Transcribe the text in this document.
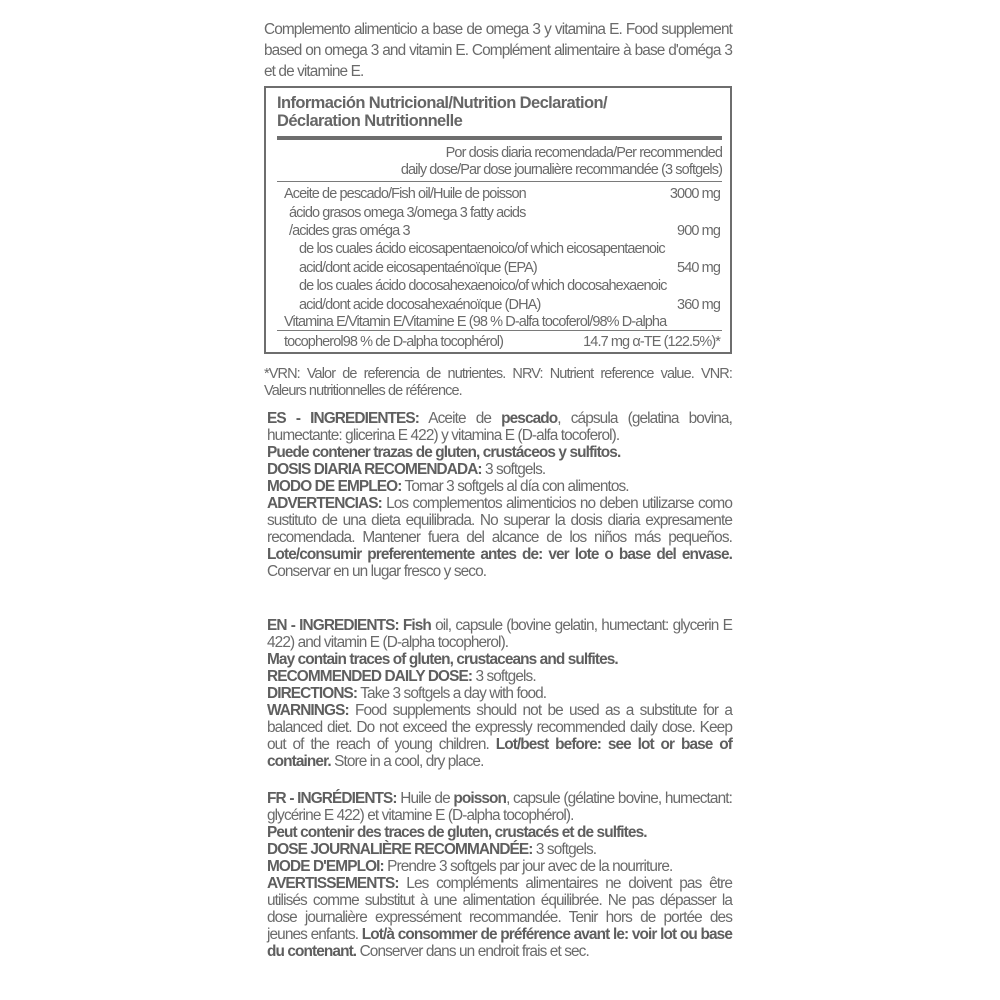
Complemento alimenticio a base de omega 3 y vitamina E. Food supplement based on omega 3 and vitamin E. Complément alimentaire à base d'oméga 3 et de vitamine E.
Información Nutricional/Nutrition Declaration/
Déclaration Nutritionnelle
Por dosis diaria recomendada/Per recommended
daily dose/Par dose journalière recommandée (3 softgels)
Aceite de pescado/Fish oil/Huile de poisson	3000 mg
ácido grasos omega 3/omega 3 fatty acids
/acides gras oméga 3	900 mg
de los cuales ácido eicosapentaenoico/of which eicosapentaenoic
acid/dont acide eicosapentaénoïque (EPA)	540 mg
de los cuales ácido docosahexaenoico/of which docosahexaenoic
acid/dont acide docosahexaénoïque (DHA)	360 mg
Vitamina E/Vitamin E/Vitamine E (98 % D-alfa tocoferol/98% D-alpha
tocopherol98 % de D-alpha tocophérol)	14.7 mg α-TE (122.5%)*
*VRN: Valor de referencia de nutrientes. NRV: Nutrient reference value. VNR: Valeurs nutritionnelles de référence.

ES - INGREDIENTES: Aceite de pescado, cápsula (gelatina bovina, humectante: glicerina E 422) y vitamina E (D-alfa tocoferol).

Puede contener trazas de gluten, crustáceos y sulfitos.

DOSIS DIARIA RECOMENDADA: 3 softgels.

MODO DE EMPLEO: Tomar 3 softgels al día con alimentos.

ADVERTENCIAS: Los complementos alimenticios no deben utilizarse como sustituto de una dieta equilibrada. No superar la dosis diaria expresamente recomendada. Mantener fuera del alcance de los niños más pequeños. Lote/consumir preferentemente antes de: ver lote o base del envase. Conservar en un lugar fresco y seco.

EN - INGREDIENTS: Fish oil, capsule (bovine gelatin, humectant: glycerin E 422) and vitamin E (D-alpha tocopherol).

May contain traces of gluten, crustaceans and sulfites.

RECOMMENDED DAILY DOSE: 3 softgels.

DIRECTIONS: Take 3 softgels a day with food.

WARNINGS: Food supplements should not be used as a substitute for a balanced diet. Do not exceed the expressly recommended daily dose. Keep out of the reach of young children. Lot/best before: see lot or base of container. Store in a cool, dry place.

FR - INGRÉDIENTS: Huile de poisson, capsule (gélatine bovine, humectant: glycérine E 422) et vitamine E (D-alpha tocophérol).

Peut contenir des traces de gluten, crustacés et de sulfites.

DOSE JOURNALIÈRE RECOMMANDÉE: 3 softgels.

MODE D'EMPLOI: Prendre 3 softgels par jour avec de la nourriture.

AVERTISSEMENTS: Les compléments alimentaires ne doivent pas être utilisés comme substitut à une alimentation équilibrée. Ne pas dépasser la dose journalière expressément recommandée. Tenir hors de portée des jeunes enfants. Lot/à consommer de préférence avant le: voir lot ou base du contenant. Conserver dans un endroit frais et sec.
